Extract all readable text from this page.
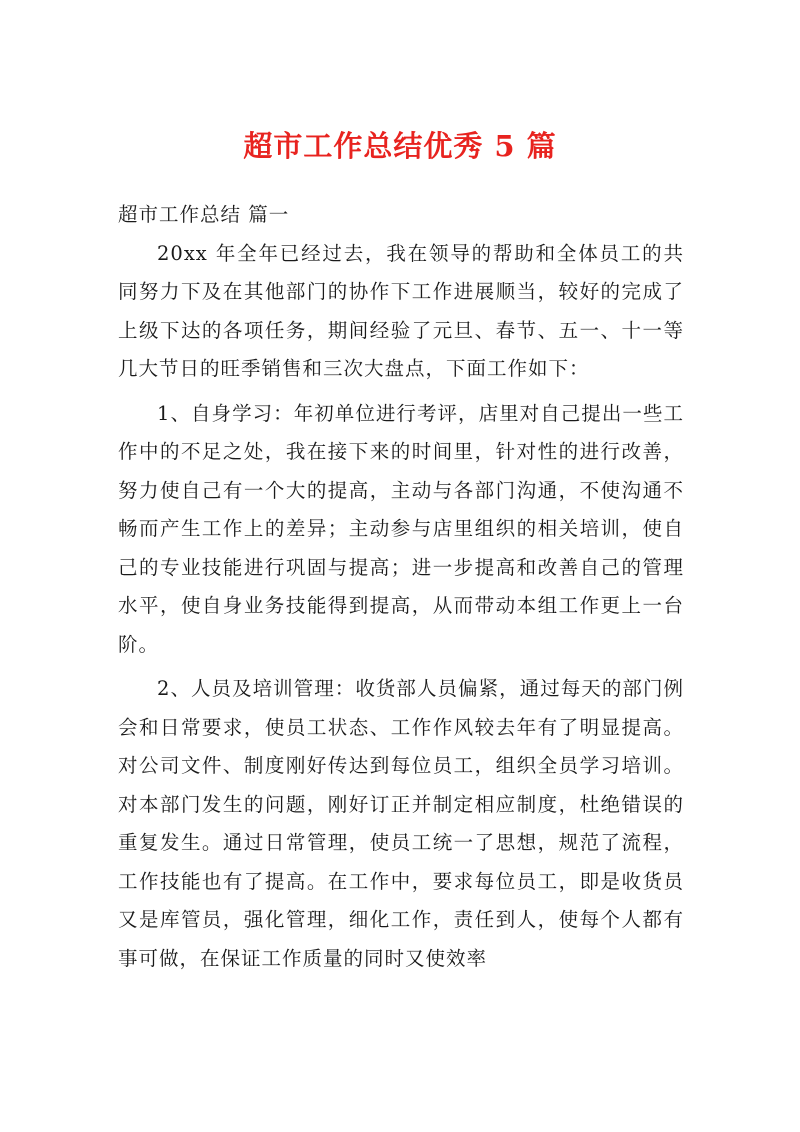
超市工作总结优秀 5 篇

超市工作总结 篇一

20xx 年全年已经过去，我在领导的帮助和全体员工的共同努力下及在其他部门的协作下工作进展顺当，较好的完成了上级下达的各项任务，期间经验了元旦、春节、五一、十一等几大节日的旺季销售和三次大盘点，下面工作如下：

1、自身学习：年初单位进行考评，店里对自己提出一些工作中的不足之处，我在接下来的时间里，针对性的进行改善，努力使自己有一个大的提高，主动与各部门沟通，不使沟通不畅而产生工作上的差异；主动参与店里组织的相关培训，使自己的专业技能进行巩固与提高；进一步提高和改善自己的管理水平，使自身业务技能得到提高，从而带动本组工作更上一台阶。

2、人员及培训管理：收货部人员偏紧，通过每天的部门例会和日常要求，使员工状态、工作作风较去年有了明显提高。对公司文件、制度刚好传达到每位员工，组织全员学习培训。对本部门发生的问题，刚好订正并制定相应制度，杜绝错误的重复发生。通过日常管理，使员工统一了思想，规范了流程，工作技能也有了提高。在工作中，要求每位员工，即是收货员又是库管员，强化管理，细化工作，责任到人，使每个人都有事可做，在保证工作质量的同时又使效率
